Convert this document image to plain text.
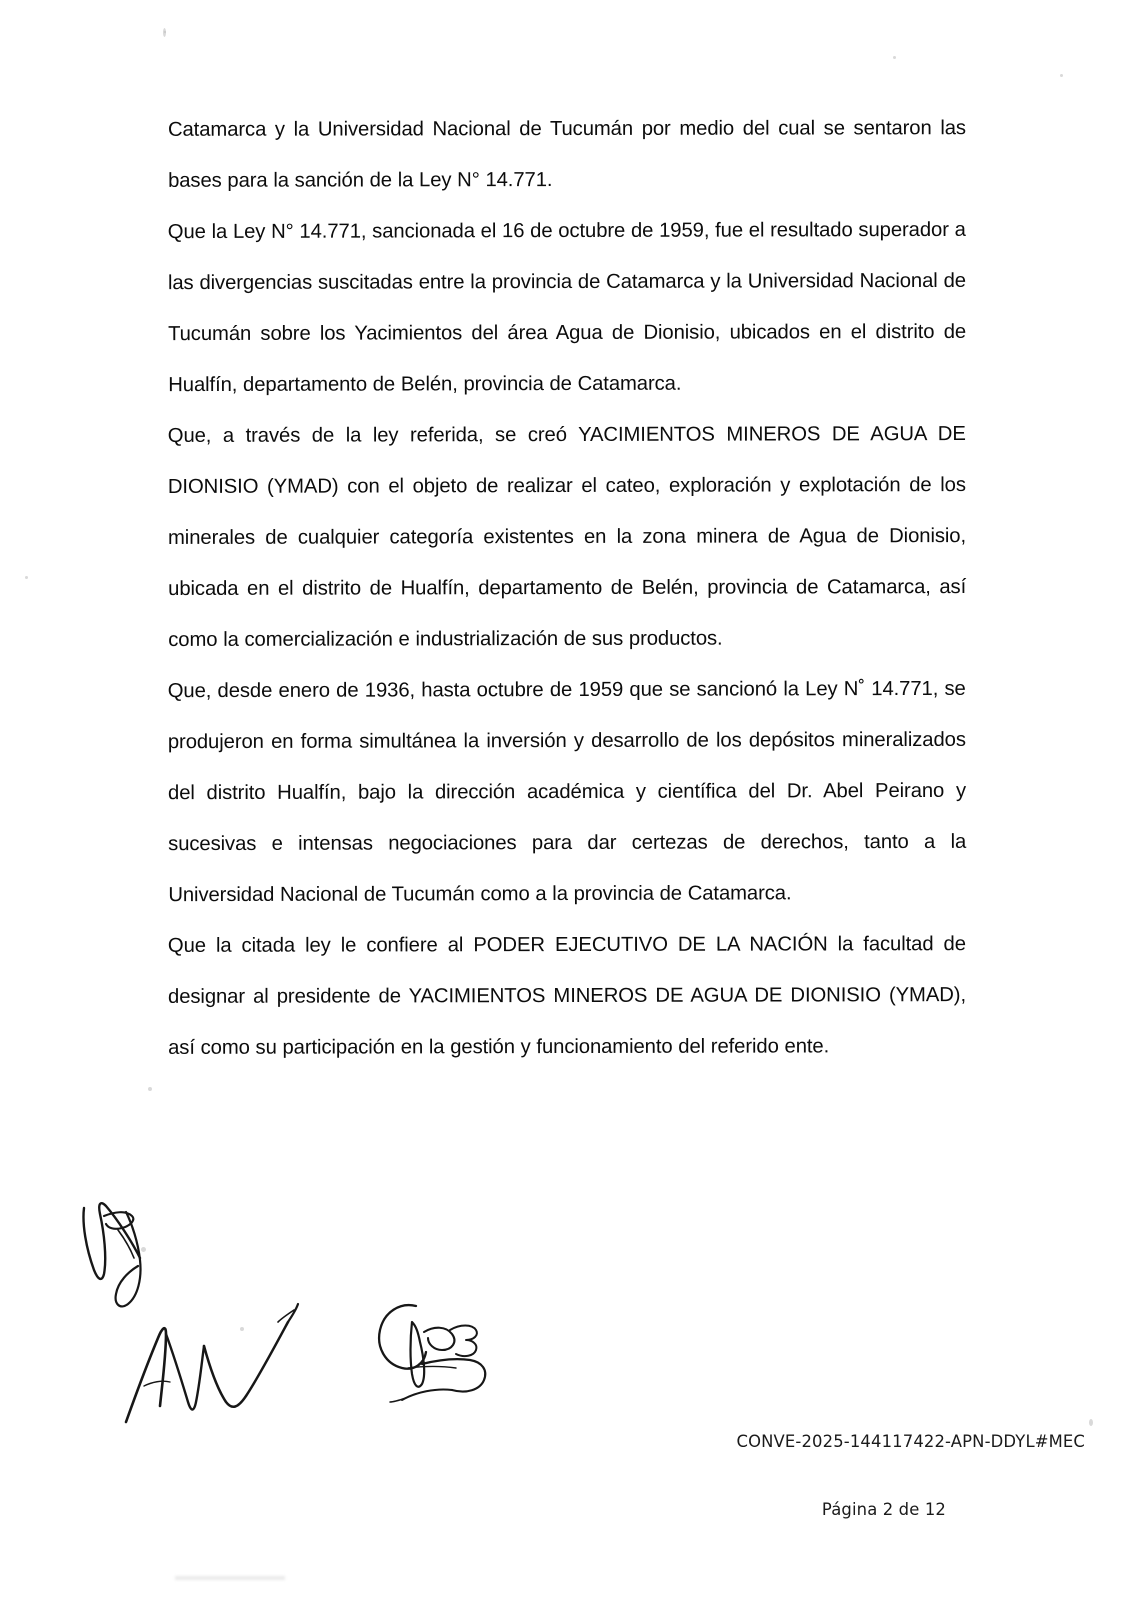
Catamarca y la Universidad Nacional de Tucumán por medio del cual se sentaron las bases para la sanción de la Ley N° 14.771.

Que la Ley N° 14.771, sancionada el 16 de octubre de 1959, fue el resultado superador a las divergencias suscitadas entre la provincia de Catamarca y la Universidad Nacional de Tucumán sobre los Yacimientos del área Agua de Dionisio, ubicados en el distrito de Hualfín, departamento de Belén, provincia de Catamarca.

Que, a través de la ley referida, se creó YACIMIENTOS MINEROS DE AGUA DE DIONISIO (YMAD) con el objeto de realizar el cateo, exploración y explotación de los minerales de cualquier categoría existentes en la zona minera de Agua de Dionisio, ubicada en el distrito de Hualfín, departamento de Belén, provincia de Catamarca, así como la comercialización e industrialización de sus productos.

Que, desde enero de 1936, hasta octubre de 1959 que se sancionó la Ley N˚ 14.771, se produjeron en forma simultánea la inversión y desarrollo de los depósitos mineralizados del distrito Hualfín, bajo la dirección académica y científica del Dr. Abel Peirano y sucesivas e intensas negociaciones para dar certezas de derechos, tanto a la Universidad Nacional de Tucumán como a la provincia de Catamarca.

Que la citada ley le confiere al PODER EJECUTIVO DE LA NACIÓN la facultad de designar al presidente de YACIMIENTOS MINEROS DE AGUA DE DIONISIO (YMAD), así como su participación en la gestión y funcionamiento del referido ente.

CONVE-2025-144117422-APN-DDYL#MEC
Página 2 de 12
